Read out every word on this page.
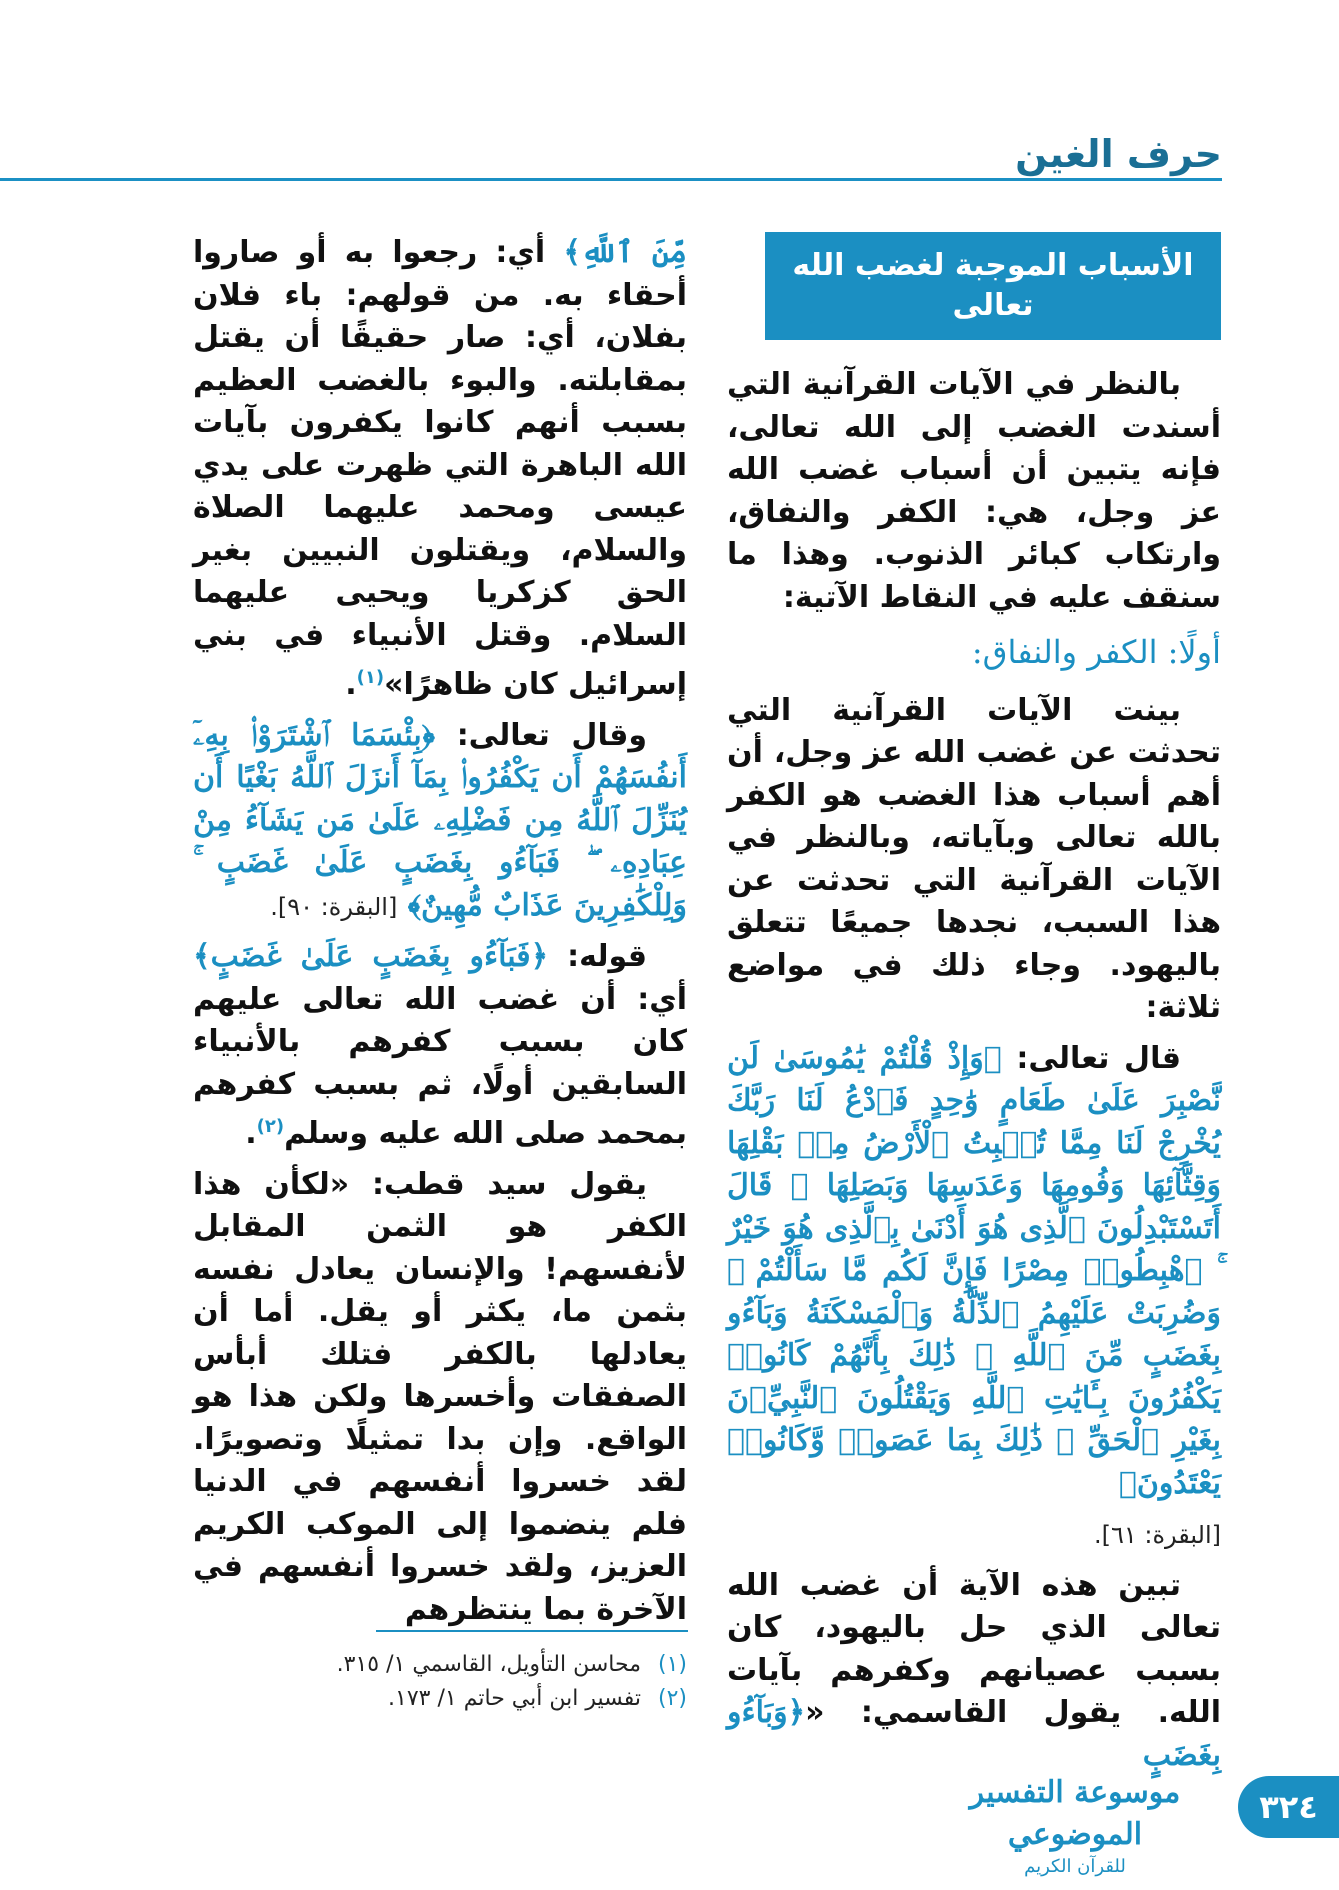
حرف الغين
الأسباب الموجبة لغضب الله تعالى

بالنظر في الآيات القرآنية التي أسندت الغضب إلى الله تعالى، فإنه يتبين أن أسباب غضب الله عز وجل، هي: الكفر والنفاق، وارتكاب كبائر الذنوب. وهذا ما سنقف عليه في النقاط الآتية:

أولًا: الكفر والنفاق:

بينت الآيات القرآنية التي تحدثت عن غضب الله عز وجل، أن أهم أسباب هذا الغضب هو الكفر بالله تعالى وبآياته، وبالنظر في الآيات القرآنية التي تحدثت عن هذا السبب، نجدها جميعًا تتعلق باليهود. وجاء ذلك في مواضع ثلاثة:

قال تعالى: ﴿وَإِذْ قُلْتُمْ يَٰمُوسَىٰ لَن نَّصْبِرَ عَلَىٰ طَعَامٍ وَٰحِدٍ فَٱدْعُ لَنَا رَبَّكَ يُخْرِجْ لَنَا مِمَّا تُنۢبِتُ ٱلْأَرْضُ مِنۢ بَقْلِهَا وَقِثَّآئِهَا وَفُومِهَا وَعَدَسِهَا وَبَصَلِهَا ۖ قَالَ أَتَسْتَبْدِلُونَ ٱلَّذِى هُوَ أَدْنَىٰ بِٱلَّذِى هُوَ خَيْرٌ ۚ ٱهْبِطُوا۟ مِصْرًا فَإِنَّ لَكُم مَّا سَأَلْتُمْ ۗ وَضُرِبَتْ عَلَيْهِمُ ٱلذِّلَّةُ وَٱلْمَسْكَنَةُ وَبَآءُو بِغَضَبٍ مِّنَ ٱللَّهِ ۗ ذَٰلِكَ بِأَنَّهُمْ كَانُوا۟ يَكْفُرُونَ بِـَٔايَٰتِ ٱللَّهِ وَيَقْتُلُونَ ٱلنَّبِيِّۦنَ بِغَيْرِ ٱلْحَقِّ ۗ ذَٰلِكَ بِمَا عَصَوا۟ وَّكَانُوا۟ يَعْتَدُونَ﴾

[البقرة: ٦١].

تبين هذه الآية أن غضب الله تعالى الذي حل باليهود، كان بسبب عصيانهم وكفرهم بآيات الله. يقول القاسمي: «﴿وَبَآءُو بِغَضَبٍ

مِّنَ ٱللَّهِ﴾ أي: رجعوا به أو صاروا أحقاء به. من قولهم: باء فلان بفلان، أي: صار حقيقًا أن يقتل بمقابلته. والبوء بالغضب العظيم بسبب أنهم كانوا يكفرون بآيات الله الباهرة التي ظهرت على يدي عيسى ومحمد عليهما الصلاة والسلام، ويقتلون النبيين بغير الحق كزكريا ويحيى عليهما السلام. وقتل الأنبياء في بني إسرائيل كان ظاهرًا»$^{(١)}$.

وقال تعالى: ﴿بِئْسَمَا ٱشْتَرَوْا۟ بِهِۦٓ أَنفُسَهُمْ أَن يَكْفُرُوا۟ بِمَآ أَنزَلَ ٱللَّهُ بَغْيًا أَن يُنَزِّلَ ٱللَّهُ مِن فَضْلِهِۦ عَلَىٰ مَن يَشَآءُ مِنْ عِبَادِهِۦ ۖ فَبَآءُو بِغَضَبٍ عَلَىٰ غَضَبٍ ۚ وَلِلْكَٰفِرِينَ عَذَابٌ مُّهِينٌ﴾ [البقرة: ٩٠].

قوله: ﴿فَبَآءُو بِغَضَبٍ عَلَىٰ غَضَبٍ﴾ أي: أن غضب الله تعالى عليهم كان بسبب كفرهم بالأنبياء السابقين أولًا، ثم بسبب كفرهم بمحمد صلى الله عليه وسلم$^{(٢)}$.

يقول سيد قطب: «لكأن هذا الكفر هو الثمن المقابل لأنفسهم! والإنسان يعادل نفسه بثمن ما، يكثر أو يقل. أما أن يعادلها بالكفر فتلك أبأس الصفقات وأخسرها ولكن هذا هو الواقع. وإن بدا تمثيلًا وتصويرًا. لقد خسروا أنفسهم في الدنيا فلم ينضموا إلى الموكب الكريم العزيز، ولقد خسروا أنفسهم في الآخرة بما ينتظرهم

(١) محاسن التأويل، القاسمي ١/ ٣١٥.
(٢) تفسير ابن أبي حاتم ١/ ١٧٣.
موسوعة التفسير الموضوعي
للقرآن الكريم
٣٢٤
